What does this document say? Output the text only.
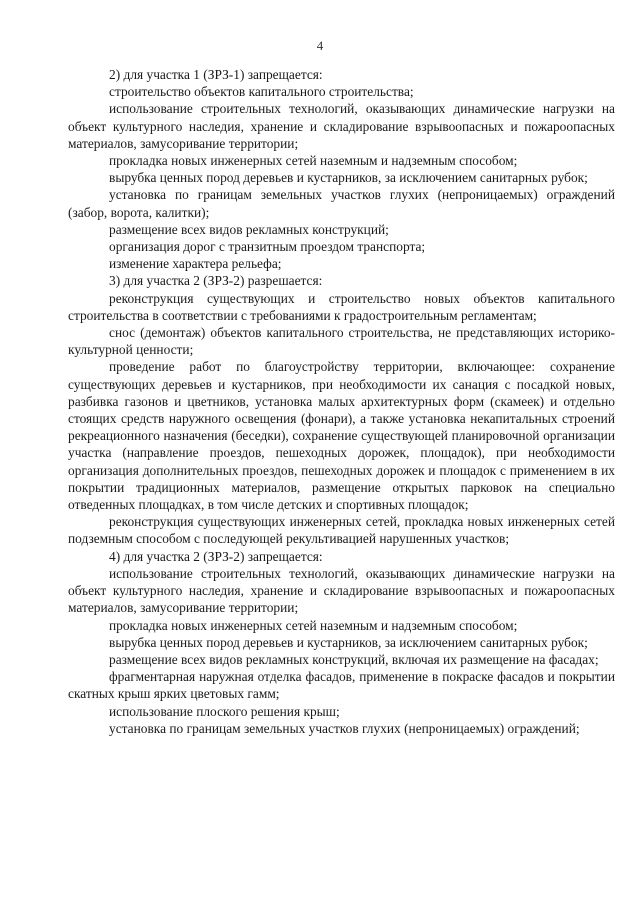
4

2) для участка 1 (ЗРЗ-1) запрещается:

строительство объектов капитального строительства;

использование строительных технологий, оказывающих динамические нагрузки на объект культурного наследия, хранение и складирование взрывоопасных и пожароопасных материалов, замусоривание территории;

прокладка новых инженерных сетей наземным и надземным способом;

вырубка ценных пород деревьев и кустарников, за исключением санитарных рубок;

установка по границам земельных участков глухих (непроницаемых) ограждений (забор, ворота, калитки);

размещение всех видов рекламных конструкций;

организация дорог с транзитным проездом транспорта;

изменение характера рельефа;

3) для участка 2 (ЗРЗ-2) разрешается:

реконструкция существующих и строительство новых объектов капитального строительства в соответствии с требованиями к градостроительным регламентам;

снос (демонтаж) объектов капитального строительства, не представляющих историко-культурной ценности;

проведение работ по благоустройству территории, включающее: сохранение существующих деревьев и кустарников, при необходимости их санация с посадкой новых, разбивка газонов и цветников, установка малых архитектурных форм (скамеек) и отдельно стоящих средств наружного освещения (фонари), а также установка некапитальных строений рекреационного назначения (беседки), сохранение существующей планировочной организации участка (направление проездов, пешеходных дорожек, площадок), при необходимости организация дополнительных проездов, пешеходных дорожек и площадок с применением в их покрытии традиционных материалов, размещение открытых парковок на специально отведенных площадках, в том числе детских и спортивных площадок;

реконструкция существующих инженерных сетей, прокладка новых инженерных сетей подземным способом с последующей рекультивацией нарушенных участков;

4) для участка 2 (ЗРЗ-2) запрещается:

использование строительных технологий, оказывающих динамические нагрузки на объект культурного наследия, хранение и складирование взрывоопасных и пожароопасных материалов, замусоривание территории;

прокладка новых инженерных сетей наземным и надземным способом;

вырубка ценных пород деревьев и кустарников, за исключением санитарных рубок;

размещение всех видов рекламных конструкций, включая их размещение на фасадах;

фрагментарная наружная отделка фасадов, применение в покраске фасадов и покрытии скатных крыш ярких цветовых гамм;

использование плоского решения крыш;

установка по границам земельных участков глухих (непроницаемых) ограждений;
